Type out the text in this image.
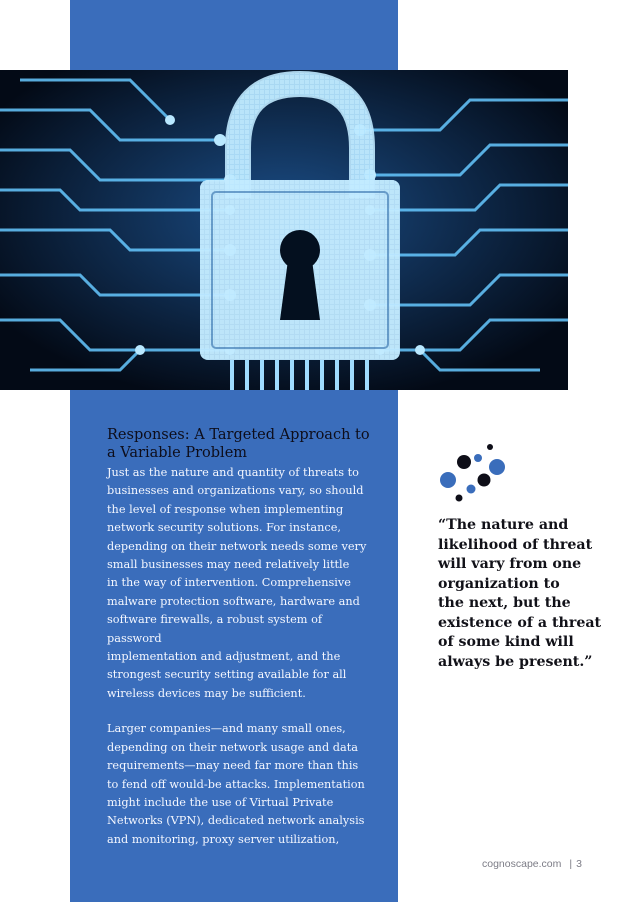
Responses: A Targeted Approach to a Variable Problem

Just as the nature and quantity of threats to
businesses and organizations vary, so should
the level of response when implementing
network security solutions. For instance,
depending on their network needs some very
small businesses may need relatively little
in the way of intervention. Comprehensive
malware protection software, hardware and
software firewalls, a robust system of password
implementation and adjustment, and the
strongest security setting available for all
wireless devices may be sufficient.

Larger companies—and many small ones,
depending on their network usage and data
requirements—may need far more than this
to fend off would-be attacks. Implementation
might include the use of Virtual Private
Networks (VPN), dedicated network analysis
and monitoring, proxy server utilization,

“The nature and
likelihood of threat
will vary from one
organization to
the next, but the
existence of a threat
of some kind will
always be present.”
cognoscape.com | 3
